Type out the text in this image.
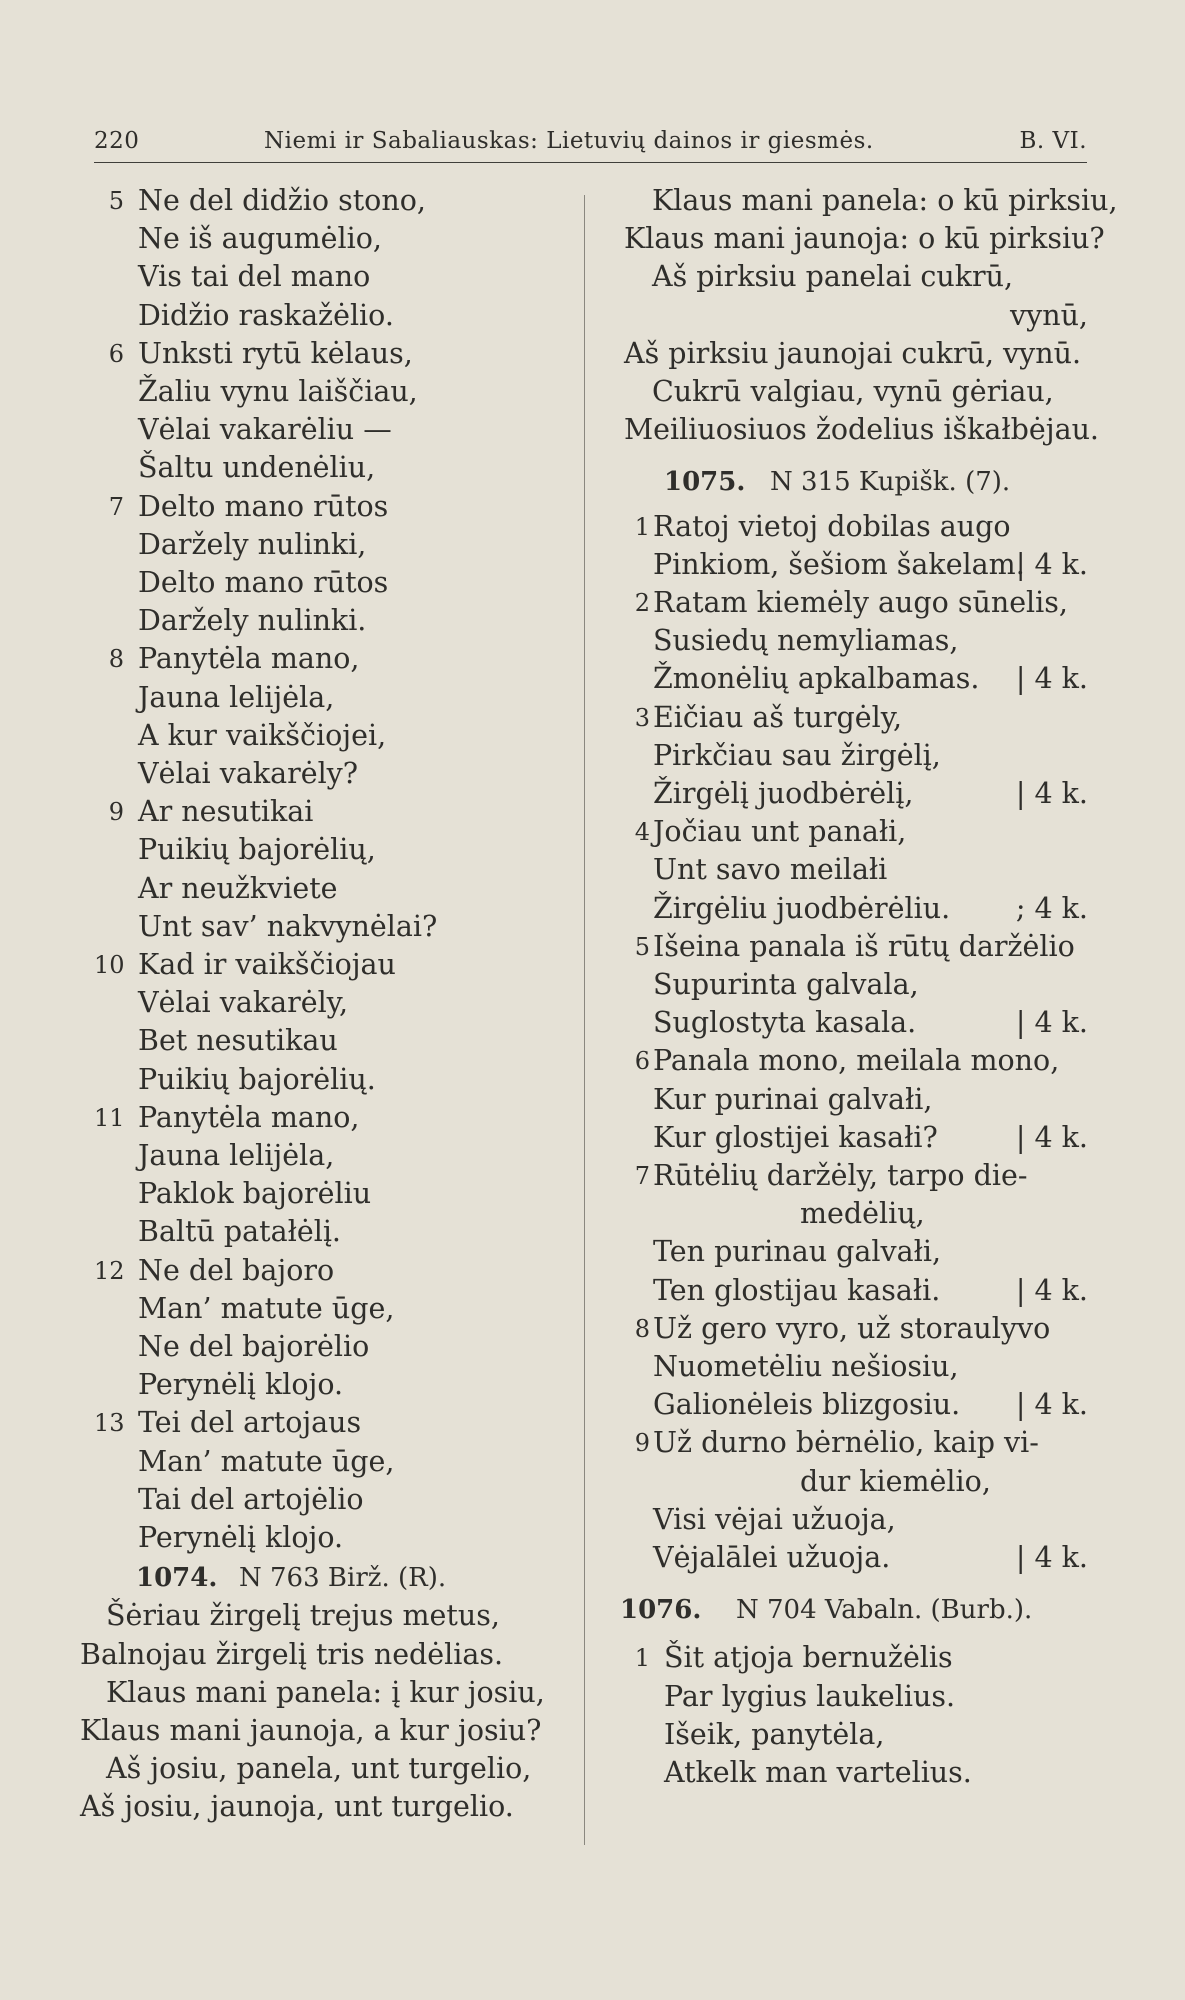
220	Niemi ir Sabaliauskas: Lietuvių dainos ir giesmės.	B. VI.
5 Ne del didžio stono,
Ne iš augumėlio,
Vis tai del mano
Didžio raskažėlio.
6 Unksti rytū kėlaus,
Žaliu vynu laiščiau,
Vėlai vakarėliu —
Šaltu undenėliu,
7 Delto mano rūtos
Daržely nulinki,
Delto mano rūtos
Daržely nulinki.
8 Panytėla mano,
Jauna lelijėla,
A kur vaikščiojei,
Vėlai vakarėly?
9 Ar nesutikai
Puikių bajorėlių,
Ar neužkviete
Unt sav’ nakvynėlai?
10 Kad ir vaikščiojau
Vėlai vakarėly,
Bet nesutikau
Puikių bajorėlių.
11 Panytėla mano,
Jauna lelijėla,
Paklok bajorėliu
Baltū patałėlį.
12 Ne del bajoro
Man’ matute ūge,
Ne del bajorėlio
Perynėlį klojo.
13 Tei del artojaus
Man’ matute ūge,
Tai del artojėlio
Perynėlį klojo.
1074. N 763 Birž. (R).
Šėriau žirgelį trejus metus,
Balnojau žirgelį tris nedėlias.
Klaus mani panela: į kur josiu,
Klaus mani jaunoja, a kur josiu?
Aš josiu, panela, unt turgelio,
Aš josiu, jaunoja, unt turgelio.
Klaus mani panela: o kū pirksiu,
Klaus mani jaunoja: o kū pirksiu?
Aš pirksiu panelai cukrū,
vynū,
Aš pirksiu jaunojai cukrū, vynū.
Cukrū valgiau, vynū gėriau,
Meiliuosiuos žodelius iškałbėjau.
1075. N 315 Kupišk. (7).
1 Ratoj vietoj dobilas augo
Pinkiom, šešiom šakelam.
| 4 k.
2 Ratam kiemėly augo sūnelis,
Susiedų nemyliamas,
Žmonėlių apkalbamas. | 4 k.
3 Eičiau aš turgėly,
Pirkčiau sau žirgėlį,
Žirgėlį juodbėrėlį,	| 4 k.
4 Jočiau unt panałi,
Unt savo meilałi
Žirgėliu juodbėrėliu. ; 4 k.
5 Išeina panala iš rūtų daržėlio
Supurinta galvala,
Suglostyta kasala.	| 4 k.
6 Panala mono, meilala mono,
Kur purinai galvałi,
Kur glostijei kasałi?	| 4 k.
7 Rūtėlių daržėly, tarpo die-
medėlių,
Ten purinau galvałi,
Ten glostijau kasałi.	| 4 k.
8 Už gero vyro, už storaulyvo
Nuometėliu nešiosiu,
Galionėleis blizgosiu. | 4 k.
9 Už durno bėrnėlio, kaip vi-
dur kiemėlio,
Visi vėjai užuoja,
Vėjalālei užuoja.	| 4 k.
1076. N 704 Vabaln. (Burb.).
1 Šit atjoja bernužėlis
Par lygius laukelius.
Išeik, panytėla,
Atkelk man vartelius.
